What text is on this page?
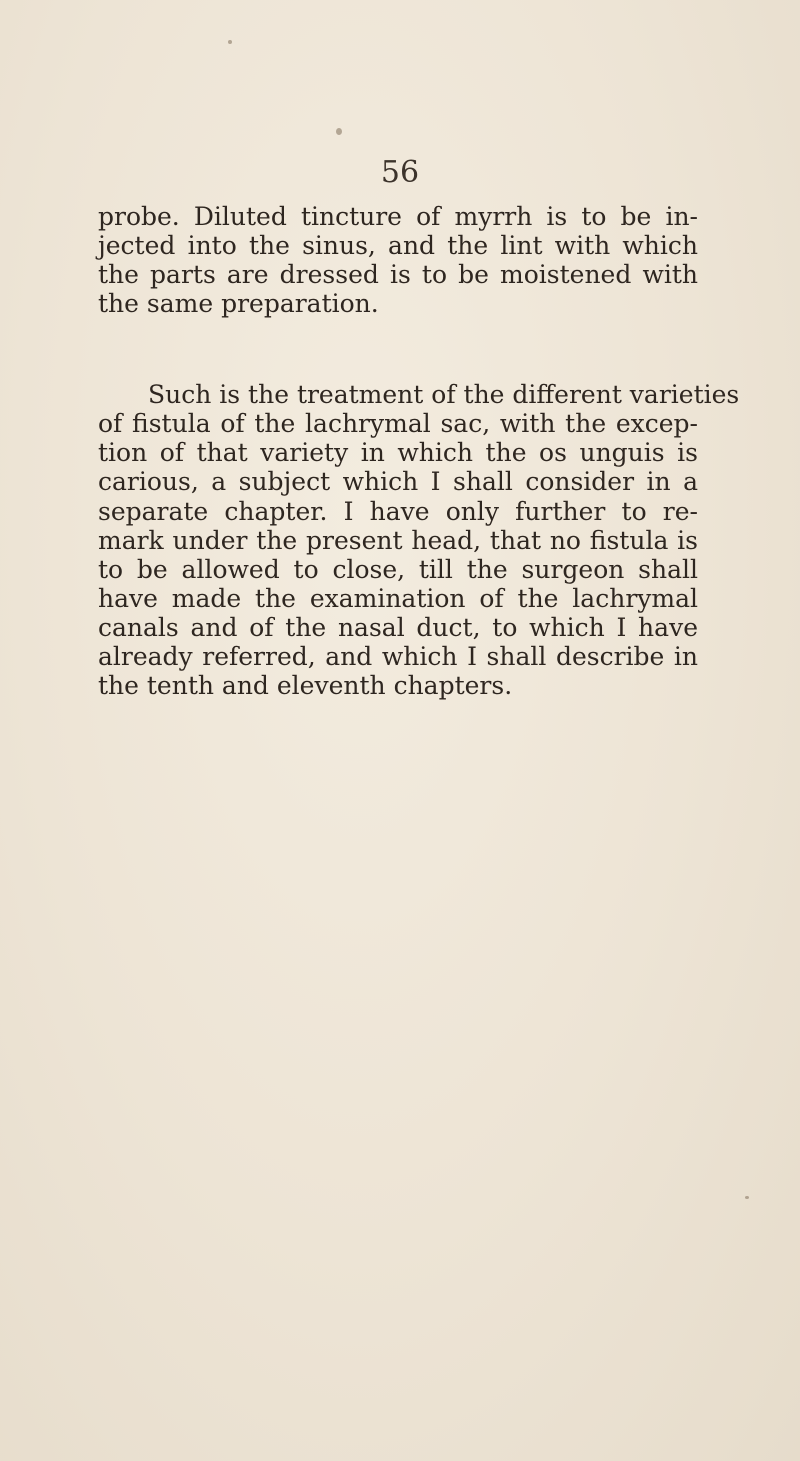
56

probe. Diluted tincture of myrrh is to be in-
jected into the sinus, and the lint with which
the parts are dressed is to be moistened with
the same preparation.

Such is the treatment of the different varieties
of fistula of the lachrymal sac, with the excep-
tion of that variety in which the os unguis is
carious, a subject which I shall consider in a
separate chapter. I have only further to re-
mark under the present head, that no fistula is
to be allowed to close, till the surgeon shall
have made the examination of the lachrymal
canals and of the nasal duct, to which I have
already referred, and which I shall describe in
the tenth and eleventh chapters.
